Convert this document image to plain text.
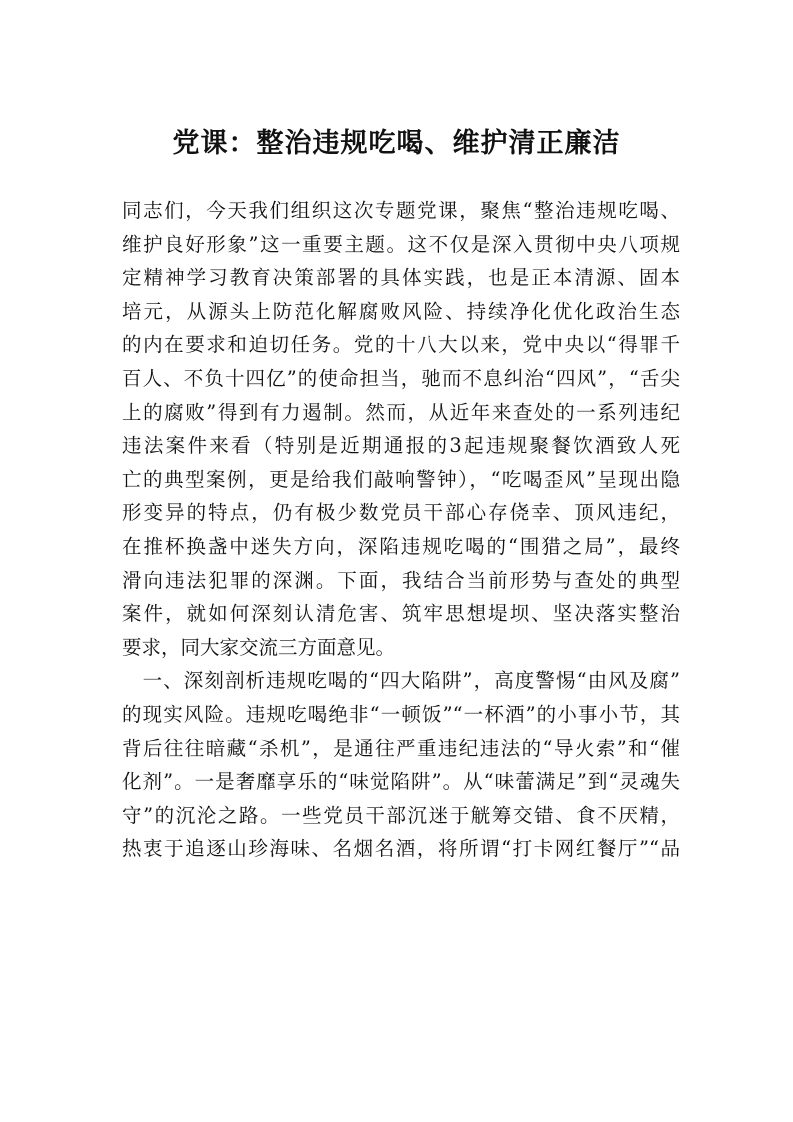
党课：整治违规吃喝、维护清正廉洁
同志们，今天我们组织这次专题党课，聚焦“整治违规吃喝、
维护良好形象”这一重要主题。这不仅是深入贯彻中央八项规
定精神学习教育决策部署的具体实践，也是正本清源、固本
培元，从源头上防范化解腐败风险、持续净化优化政治生态
的内在要求和迫切任务。党的十八大以来，党中央以“得罪千
百人、不负十四亿”的使命担当，驰而不息纠治“四风”，“舌尖
上的腐败”得到有力遏制。然而，从近年来查处的一系列违纪
违法案件来看（特别是近期通报的3起违规聚餐饮酒致人死
亡的典型案例，更是给我们敲响警钟），“吃喝歪风”呈现出隐
形变异的特点，仍有极少数党员干部心存侥幸、顶风违纪，
在推杯换盏中迷失方向，深陷违规吃喝的“围猎之局”，最终
滑向违法犯罪的深渊。下面，我结合当前形势与查处的典型
案件，就如何深刻认清危害、筑牢思想堤坝、坚决落实整治
要求，同大家交流三方面意见。
　一、深刻剖析违规吃喝的“四大陷阱”，高度警惕“由风及腐”
的现实风险。违规吃喝绝非“一顿饭”“一杯酒”的小事小节，其
背后往往暗藏“杀机”，是通往严重违纪违法的“导火索”和“催
化剂”。一是奢靡享乐的“味觉陷阱”。从“味蕾满足”到“灵魂失
守”的沉沦之路。一些党员干部沉迷于觥筹交错、食不厌精，
热衷于追逐山珍海味、名烟名酒，将所谓“打卡网红餐厅”“品
